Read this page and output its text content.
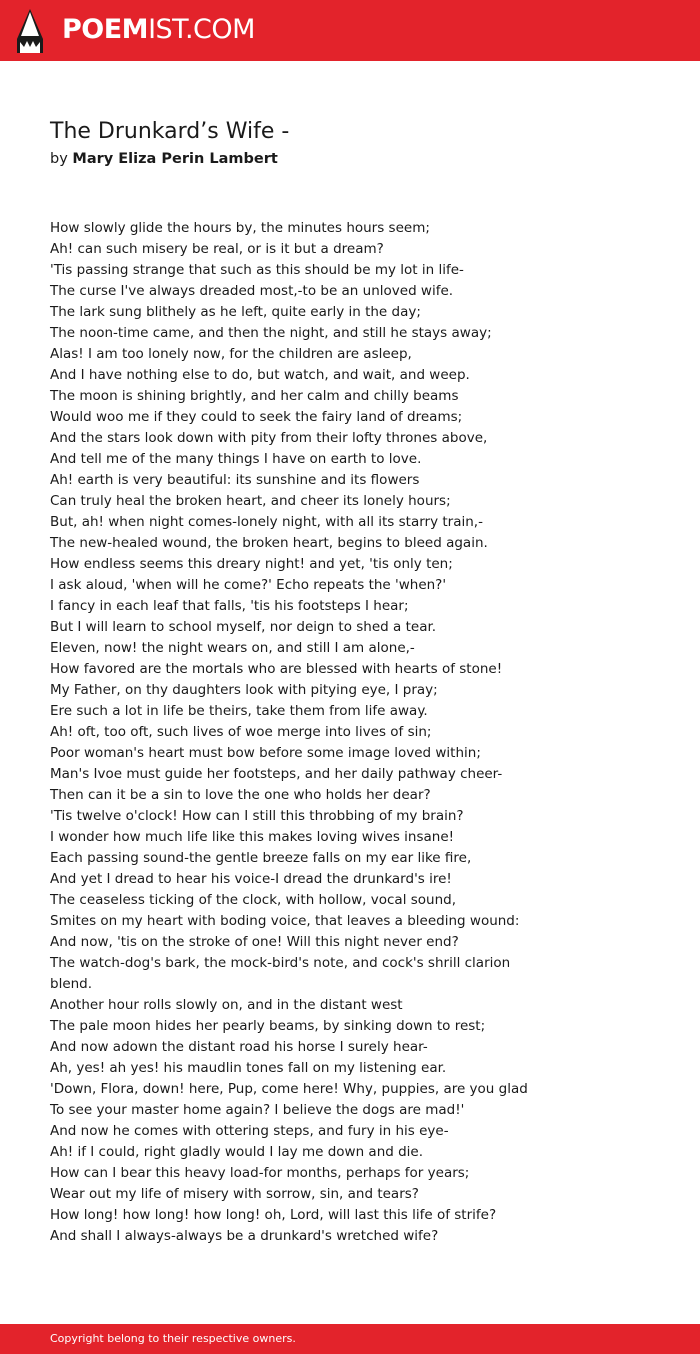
POEMIST.COM
The Drunkard’s Wife -
by Mary Eliza Perin Lambert
How slowly glide the hours by, the minutes hours seem;
Ah! can such misery be real, or is it but a dream?
'Tis passing strange that such as this should be my lot in life-
The curse I've always dreaded most,-to be an unloved wife.
The lark sung blithely as he left, quite early in the day;
The noon-time came, and then the night, and still he stays away;
Alas! I am too lonely now, for the children are asleep,
And I have nothing else to do, but watch, and wait, and weep.
The moon is shining brightly, and her calm and chilly beams
Would woo me if they could to seek the fairy land of dreams;
And the stars look down with pity from their lofty thrones above,
And tell me of the many things I have on earth to love.
Ah! earth is very beautiful: its sunshine and its flowers
Can truly heal the broken heart, and cheer its lonely hours;
But, ah! when night comes-lonely night, with all its starry train,-
The new-healed wound, the broken heart, begins to bleed again.
How endless seems this dreary night! and yet, 'tis only ten;
I ask aloud, 'when will he come?' Echo repeats the 'when?'
I fancy in each leaf that falls, 'tis his footsteps I hear;
But I will learn to school myself, nor deign to shed a tear.
Eleven, now! the night wears on, and still I am alone,-
How favored are the mortals who are blessed with hearts of stone!
My Father, on thy daughters look with pitying eye, I pray;
Ere such a lot in life be theirs, take them from life away.
Ah! oft, too oft, such lives of woe merge into lives of sin;
Poor woman's heart must bow before some image loved within;
Man's Ivoe must guide her footsteps, and her daily pathway cheer-
Then can it be a sin to love the one who holds her dear?
'Tis twelve o'clock! How can I still this throbbing of my brain?
I wonder how much life like this makes loving wives insane!
Each passing sound-the gentle breeze falls on my ear like fire,
And yet I dread to hear his voice-I dread the drunkard's ire!
The ceaseless ticking of the clock, with hollow, vocal sound,
Smites on my heart with boding voice, that leaves a bleeding wound:
And now, 'tis on the stroke of one! Will this night never end?
The watch-dog's bark, the mock-bird's note, and cock's shrill clarion
blend.
Another hour rolls slowly on, and in the distant west
The pale moon hides her pearly beams, by sinking down to rest;
And now adown the distant road his horse I surely hear-
Ah, yes! ah yes! his maudlin tones fall on my listening ear.
'Down, Flora, down! here, Pup, come here! Why, puppies, are you glad
To see your master home again? I believe the dogs are mad!'
And now he comes with ottering steps, and fury in his eye-
Ah! if I could, right gladly would I lay me down and die.
How can I bear this heavy load-for months, perhaps for years;
Wear out my life of misery with sorrow, sin, and tears?
How long! how long! how long! oh, Lord, will last this life of strife?
And shall I always-always be a drunkard's wretched wife?
Copyright belong to their respective owners.
